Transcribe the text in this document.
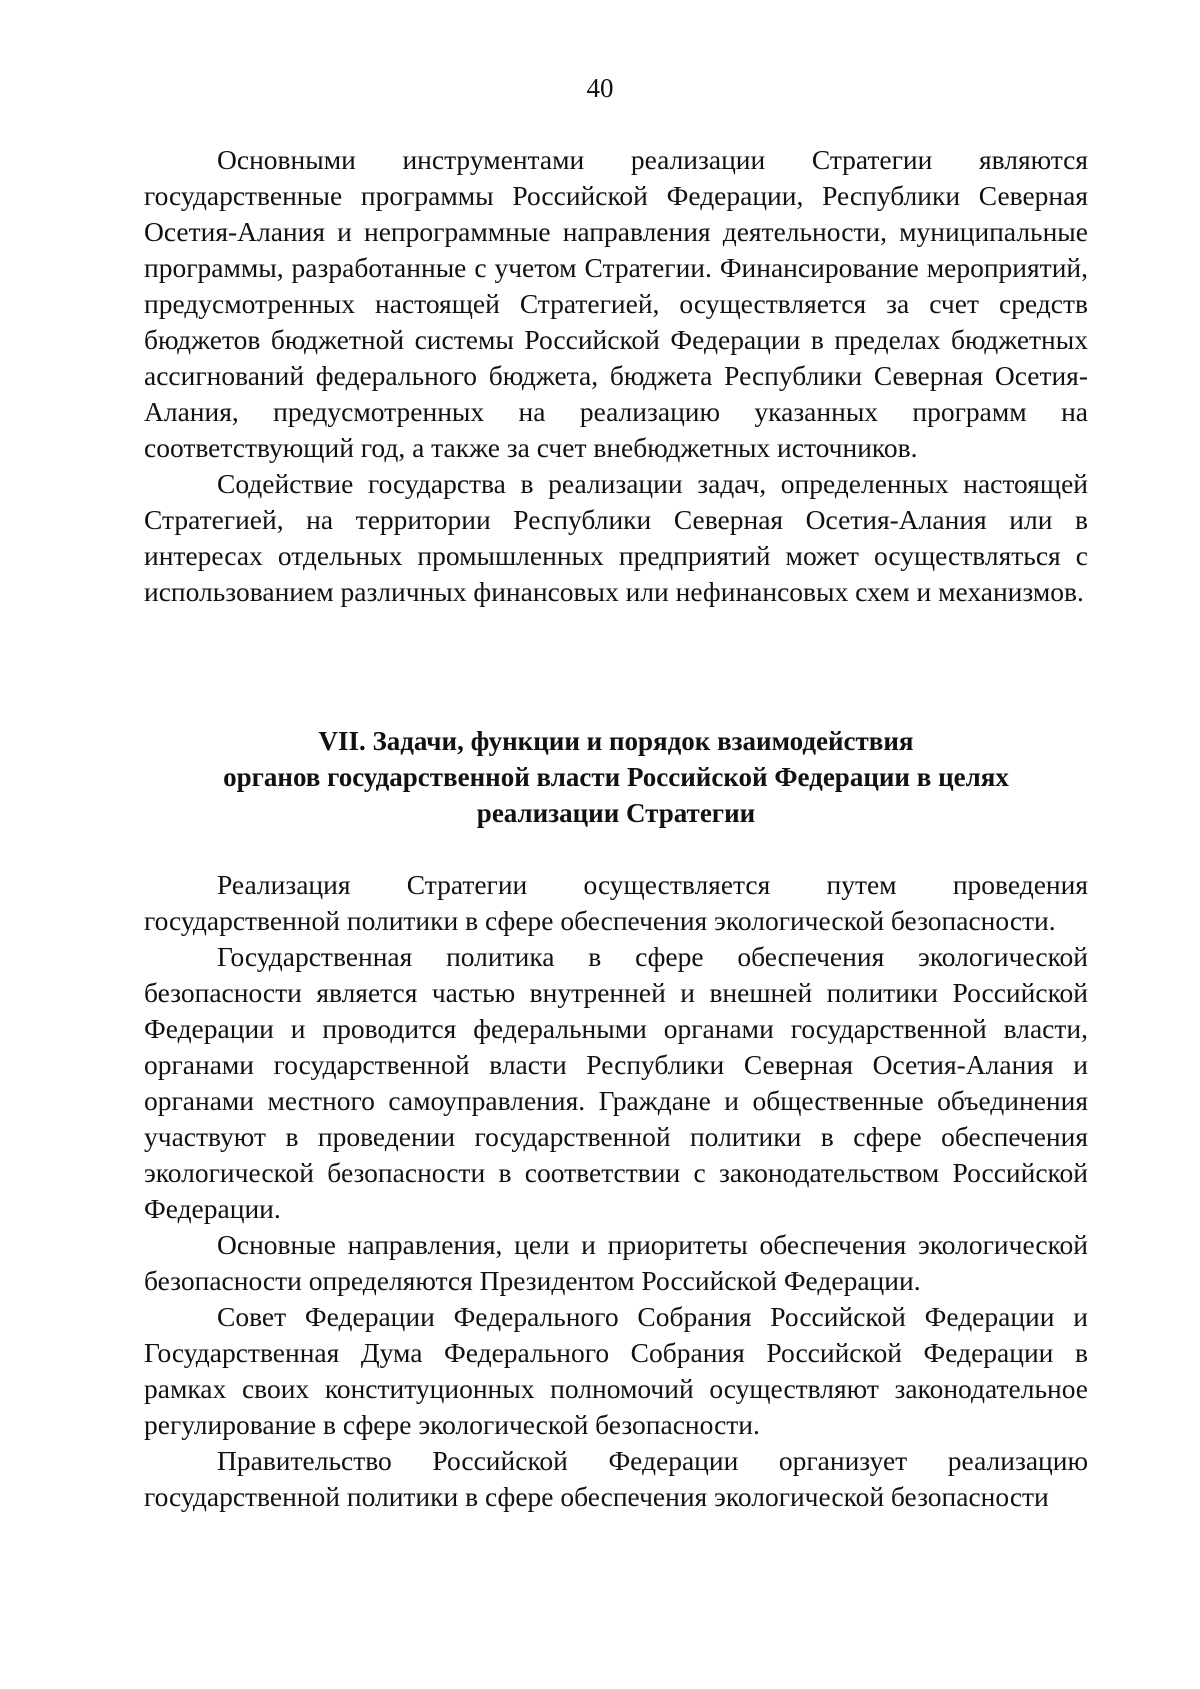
40

Основными инструментами реализации Стратегии являются государственные программы Российской Федерации, Республики Северная Осетия-Алания и непрограммные направления деятельности, муниципальные программы, разработанные с учетом Стратегии. Финансирование мероприятий, предусмотренных настоящей Стратегией, осуществляется за счет средств бюджетов бюджетной системы Российской Федерации в пределах бюджетных ассигнований федерального бюджета, бюджета Республики Северная Осетия-Алания, предусмотренных на реализацию указанных программ на соответствующий год, а также за счет внебюджетных источников.

Содействие государства в реализации задач, определенных настоящей Стратегией, на территории Республики Северная Осетия-Алания или в интересах отдельных промышленных предприятий может осуществляться с использованием различных финансовых или нефинансовых схем и механизмов.

VII. Задачи, функции и порядок взаимодействия
органов государственной власти Российской Федерации в целях
реализации Стратегии

Реализация Стратегии осуществляется путем проведения государственной политики в сфере обеспечения экологической безопасности.

Государственная политика в сфере обеспечения экологической безопасности является частью внутренней и внешней политики Российской Федерации и проводится федеральными органами государственной власти, органами государственной власти Республики Северная Осетия-Алания и органами местного самоуправления. Граждане и общественные объединения участвуют в проведении государственной политики в сфере обеспечения экологической безопасности в соответствии с законодательством Российской Федерации.

Основные направления, цели и приоритеты обеспечения экологической безопасности определяются Президентом Российской Федерации.

Совет Федерации Федерального Собрания Российской Федерации и Государственная Дума Федерального Собрания Российской Федерации в рамках своих конституционных полномочий осуществляют законодательное регулирование в сфере экологической безопасности.

Правительство Российской Федерации организует реализацию государственной политики в сфере обеспечения экологической безопасности
